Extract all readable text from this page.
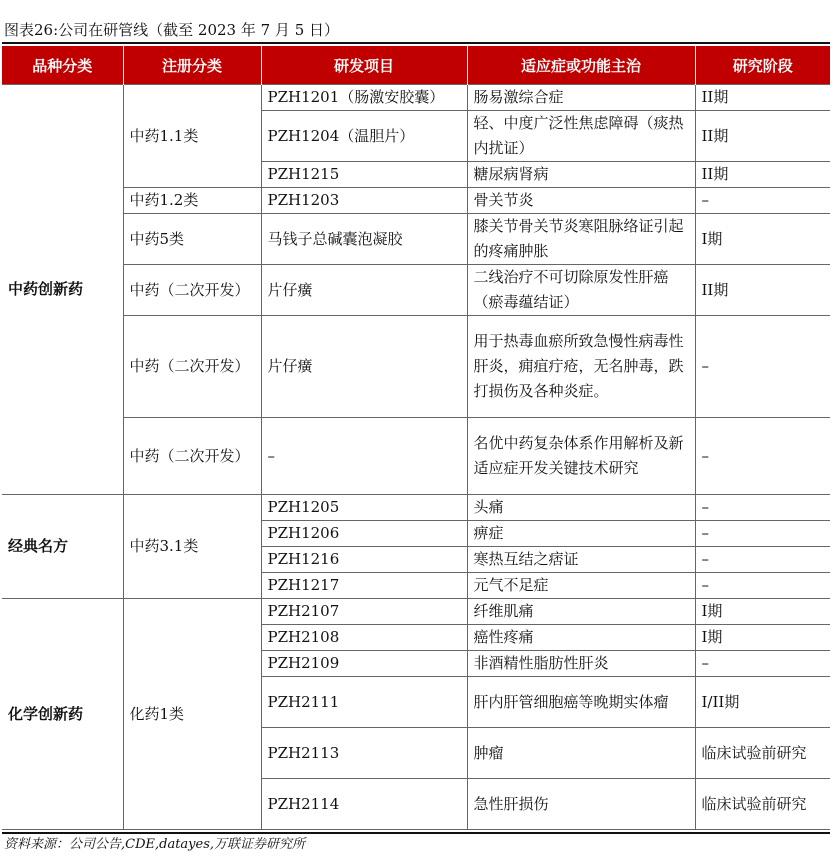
图表26:公司在研管线（截至 2023 年 7 月 5 日）
品种分类	注册分类	研发项目	适应症或功能主治	研究阶段
中药创新药	中药1.1类	PZH1201（肠激安胶囊）	肠易激综合症	II期
		PZH1204（温胆片）	轻、中度广泛性焦虑障碍（痰热内扰证）	II期
		PZH1215	糖尿病肾病	II期
	中药1.2类	PZH1203	骨关节炎	–
	中药5类	马钱子总碱囊泡凝胶	膝关节骨关节炎寒阻脉络证引起的疼痛肿胀	I期
	中药（二次开发）	片仔癀	二线治疗不可切除原发性肝癌（瘀毒蕴结证）	II期
	中药（二次开发）	片仔癀	用于热毒血瘀所致急慢性病毒性肝炎，痈疽疔疮，无名肿毒，跌打损伤及各种炎症。	–
	中药（二次开发）	–	名优中药复杂体系作用解析及新适应症开发关键技术研究	–
经典名方	中药3.1类	PZH1205	头痛	–
		PZH1206	痹症	–
		PZH1216	寒热互结之痞证	–
		PZH1217	元气不足症	–
化学创新药	化药1类	PZH2107	纤维肌痛	I期
		PZH2108	癌性疼痛	I期
		PZH2109	非酒精性脂肪性肝炎	–
		PZH2111	肝内肝管细胞癌等晚期实体瘤	I/II期
		PZH2113	肿瘤	临床试验前研究
		PZH2114	急性肝损伤	临床试验前研究
资料来源：公司公告,CDE,datayes,万联证券研究所
